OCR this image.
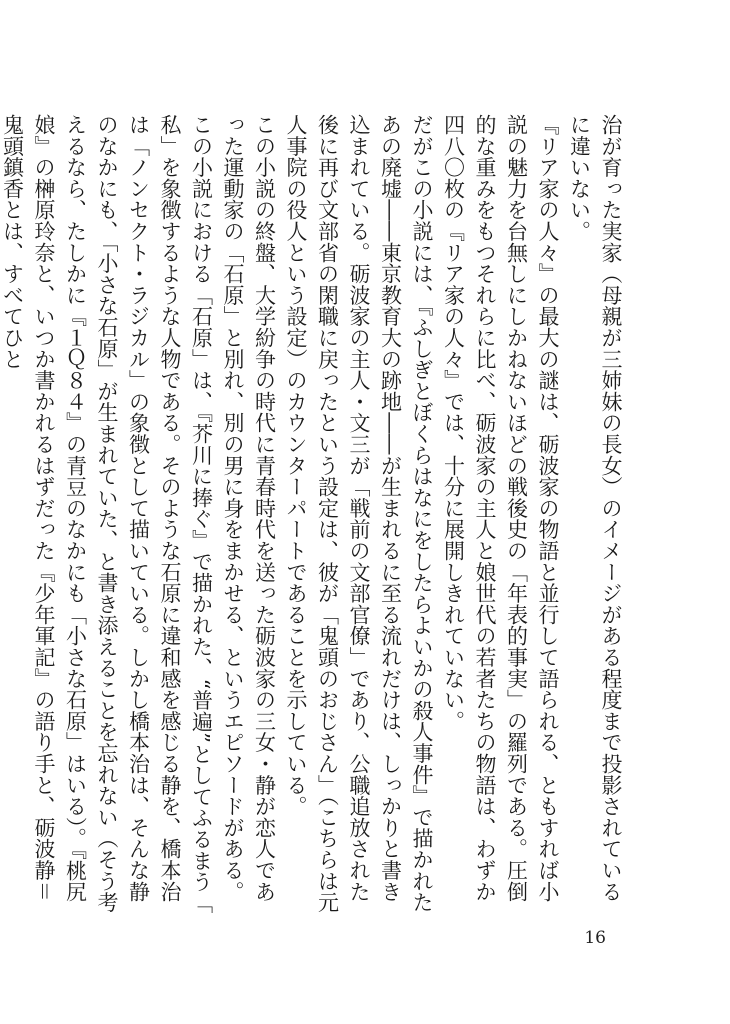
治が育った実家（母親が三姉妹の長女）のイメージがある程度まで投影されているに違いない。

『リア家の人々』の最大の謎は、砺波家の物語と並行して語られる、ともすれば小説の魅力を台無しにしかねないほどの戦後史の「年表的事実」の羅列である。圧倒的な重みをもつそれらに比べ、砺波家の主人と娘世代の若者たちの物語は、わずか四八〇枚の『リア家の人々』では、十分に展開しきれていない。

だがこの小説には、『ふしぎとぼくらはなにをしたらよいかの殺人事件』で描かれたあの廃墟――東京教育大の跡地――が生まれるに至る流れだけは、しっかりと書き込まれている。砺波家の主人・文三が「戦前の文部官僚」であり、公職追放された後に再び文部省の閑職に戻ったという設定は、彼が「鬼頭のおじさん」（こちらは元人事院の役人という設定）のカウンターパートであることを示している。

この小説の終盤、大学紛争の時代に青春時代を送った砺波家の三女・静が恋人であった運動家の「石原」と別れ、別の男に身をまかせる、というエピソードがある。この小説における「石原」は、『芥川に捧ぐ』で描かれた、“普遍”としてふるまう「私」を象徴するような人物である。そのような石原に違和感を感じる静を、橋本治は「ノンセクト・ラジカル」の象徴として描いている。しかし橋本治は、そんな静のなかにも、「小さな石原」が生まれていた、と書き添えることを忘れない（そう考えるなら、たしかに『１Ｑ８４』の青豆のなかにも「小さな石原」はいる）。『桃尻娘』の榊原玲奈と、いつか書かれるはずだった『少年軍記』の語り手と、砺波静＝鬼頭鎮香とは、すべてひと

16
